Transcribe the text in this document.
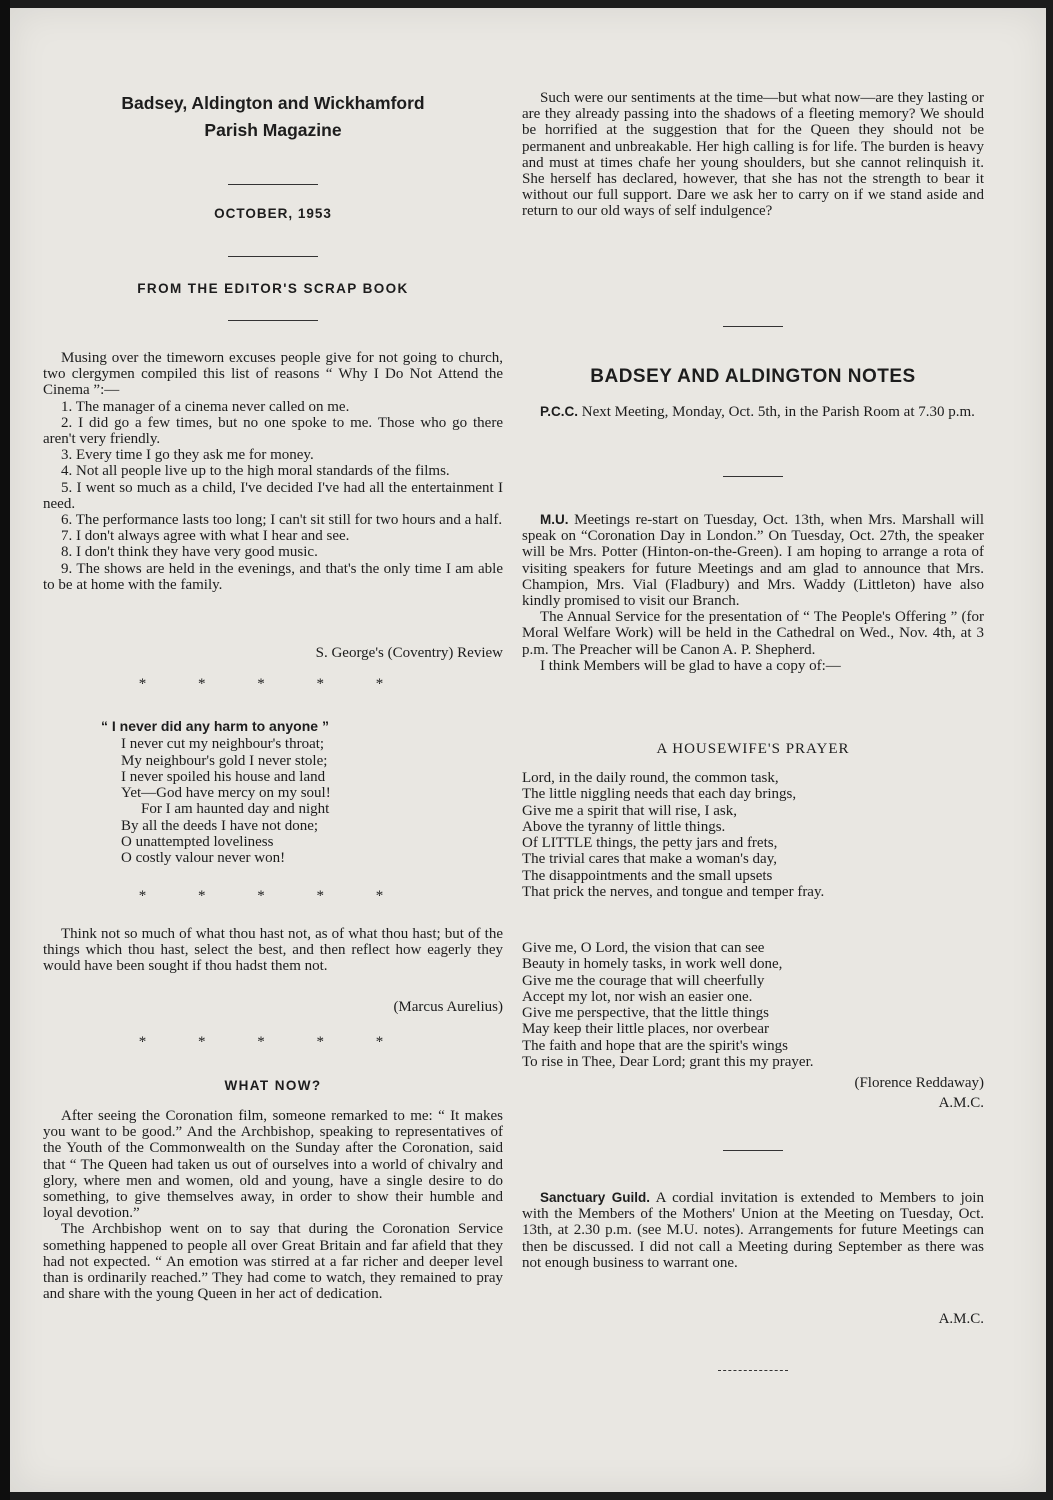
Badsey, Aldington and Wickhamford
Parish Magazine
OCTOBER, 1953
FROM THE EDITOR'S SCRAP BOOK

Musing over the timeworn excuses people give for not going to church, two clergymen compiled this list of reasons “ Why I Do Not Attend the Cinema ”:—

1. The manager of a cinema never called on me.

2. I did go a few times, but no one spoke to me. Those who go there aren't very friendly.

3. Every time I go they ask me for money.

4. Not all people live up to the high moral standards of the films.

5. I went so much as a child, I've decided I've had all the entertainment I need.

6. The performance lasts too long; I can't sit still for two hours and a half.

7. I don't always agree with what I hear and see.

8. I don't think they have very good music.

9. The shows are held in the evenings, and that's the only time I am able to be at home with the family.

S. George's (Coventry) Review
* * * * *
“ I never did any harm to anyone ”
I never cut my neighbour's throat;
My neighbour's gold I never stole;
I never spoiled his house and land
Yet—God have mercy on my soul!
For I am haunted day and night
By all the deeds I have not done;
O unattempted loveliness
O costly valour never won!
* * * * *

Think not so much of what thou hast not, as of what thou hast; but of the things which thou hast, select the best, and then reflect how eagerly they would have been sought if thou hadst them not.

(Marcus Aurelius)
* * * * *
WHAT NOW?

After seeing the Coronation film, someone remarked to me: “ It makes you want to be good.” And the Archbishop, speaking to representatives of the Youth of the Commonwealth on the Sunday after the Coronation, said that “ The Queen had taken us out of ourselves into a world of chivalry and glory, where men and women, old and young, have a single desire to do something, to give themselves away, in order to show their humble and loyal devotion.”

The Archbishop went on to say that during the Coronation Service something happened to people all over Great Britain and far afield that they had not expected. “ An emotion was stirred at a far richer and deeper level than is ordinarily reached.” They had come to watch, they remained to pray and share with the young Queen in her act of dedication.

Such were our sentiments at the time—but what now—are they lasting or are they already passing into the shadows of a fleeting memory? We should be horrified at the suggestion that for the Queen they should not be permanent and unbreakable. Her high calling is for life. The burden is heavy and must at times chafe her young shoulders, but she cannot relinquish it. She herself has declared, however, that she has not the strength to bear it without our full support. Dare we ask her to carry on if we stand aside and return to our old ways of self indulgence?

BADSEY AND ALDINGTON NOTES

P.C.C. Next Meeting, Monday, Oct. 5th, in the Parish Room at 7.30 p.m.

M.U. Meetings re-start on Tuesday, Oct. 13th, when Mrs. Marshall will speak on “Coronation Day in London.” On Tuesday, Oct. 27th, the speaker will be Mrs. Potter (Hinton-on-the-Green). I am hoping to arrange a rota of visiting speakers for future Meetings and am glad to announce that Mrs. Champion, Mrs. Vial (Fladbury) and Mrs. Waddy (Littleton) have also kindly promised to visit our Branch.

The Annual Service for the presentation of “ The People's Offering ” (for Moral Welfare Work) will be held in the Cathedral on Wed., Nov. 4th, at 3 p.m. The Preacher will be Canon A. P. Shepherd.

I think Members will be glad to have a copy of:—

A HOUSEWIFE'S PRAYER
Lord, in the daily round, the common task,
The little niggling needs that each day brings,
Give me a spirit that will rise, I ask,
Above the tyranny of little things.
Of LITTLE things, the petty jars and frets,
The trivial cares that make a woman's day,
The disappointments and the small upsets
That prick the nerves, and tongue and temper fray.
Give me, O Lord, the vision that can see
Beauty in homely tasks, in work well done,
Give me the courage that will cheerfully
Accept my lot, nor wish an easier one.
Give me perspective, that the little things
May keep their little places, nor overbear
The faith and hope that are the spirit's wings
To rise in Thee, Dear Lord; grant this my prayer.
(Florence Reddaway)
A.M.C.

Sanctuary Guild. A cordial invitation is extended to Members to join with the Members of the Mothers' Union at the Meeting on Tuesday, Oct. 13th, at 2.30 p.m. (see M.U. notes). Arrangements for future Meetings can then be discussed. I did not call a Meeting during September as there was not enough business to warrant one.

A.M.C.
